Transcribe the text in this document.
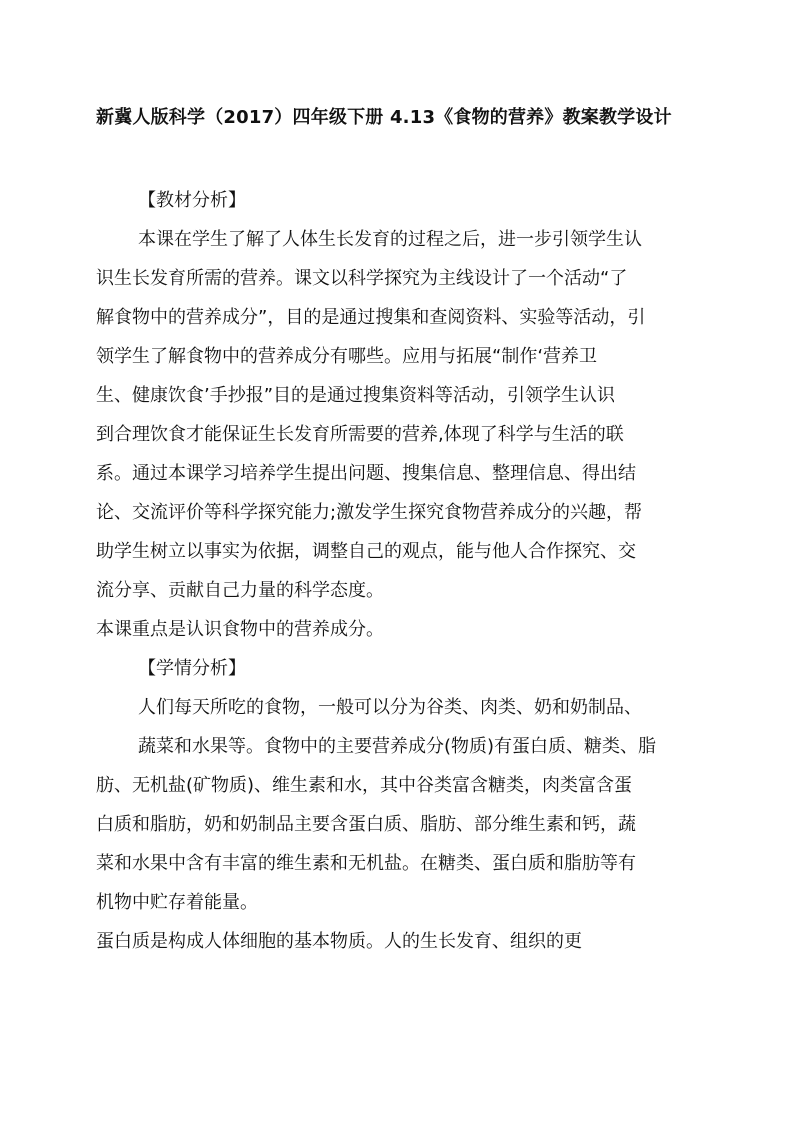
新冀人版科学（2017）四年级下册 4.13《食物的营养》教案教学设计
【教材分析】
本课在学生了解了人体生长发育的过程之后，进一步引领学生认
识生长发育所需的营养。课文以科学探究为主线设计了一个活动“了
解食物中的营养成分”，目的是通过搜集和查阅资料、实验等活动，引
领学生了解食物中的营养成分有哪些。应用与拓展“制作‘营养卫
生、健康饮食’手抄报”目的是通过搜集资料等活动，引领学生认识
到合理饮食才能保证生长发育所需要的营养,体现了科学与生活的联
系。通过本课学习培养学生提出问题、搜集信息、整理信息、得出结
论、交流评价等科学探究能力;激发学生探究食物营养成分的兴趣，帮
助学生树立以事实为依据，调整自己的观点，能与他人合作探究、交
流分享、贡献自己力量的科学态度。
本课重点是认识食物中的营养成分。
【学情分析】
人们每天所吃的食物，一般可以分为谷类、肉类、奶和奶制品、
蔬菜和水果等。食物中的主要营养成分(物质)有蛋白质、糖类、脂
肪、无机盐(矿物质)、维生素和水，其中谷类富含糖类，肉类富含蛋
白质和脂肪，奶和奶制品主要含蛋白质、脂肪、部分维生素和钙，蔬
菜和水果中含有丰富的维生素和无机盐。在糖类、蛋白质和脂肪等有
机物中贮存着能量。
蛋白质是构成人体细胞的基本物质。人的生长发育、组织的更
